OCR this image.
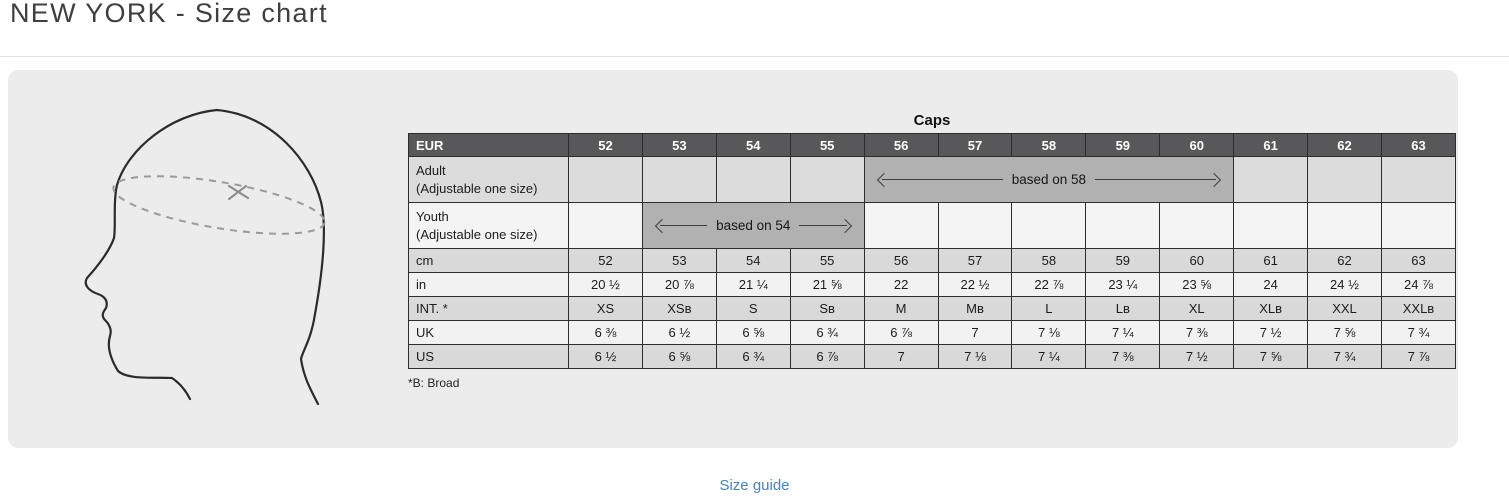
NEW YORK - Size chart
Caps
EUR	52	53	54	55	56	57	58	59	60	61	62	63

Adult
(Adjustable one size)					based on 58							

Youth
(Adjustable one size)		based on 54										

cm	52	53	54	55	56	57	58	59	60	61	62	63
in	20 ½	20 ⅞	21 ¼	21 ⅝	22	22 ½	22 ⅞	23 ¼	23 ⅝	24	24 ½	24 ⅞
INT. *	XS	XSʙ	S	Sʙ	M	Mʙ	L	Lʙ	XL	XLʙ	XXL	XXLʙ
UK	6 ⅜	6 ½	6 ⅝	6 ¾	6 ⅞	7	7 ⅛	7 ¼	7 ⅜	7 ½	7 ⅝	7 ¾
US	6 ½	6 ⅝	6 ¾	6 ⅞	7	7 ⅛	7 ¼	7 ⅜	7 ½	7 ⅝	7 ¾	7 ⅞
*B: Broad
Size guide
